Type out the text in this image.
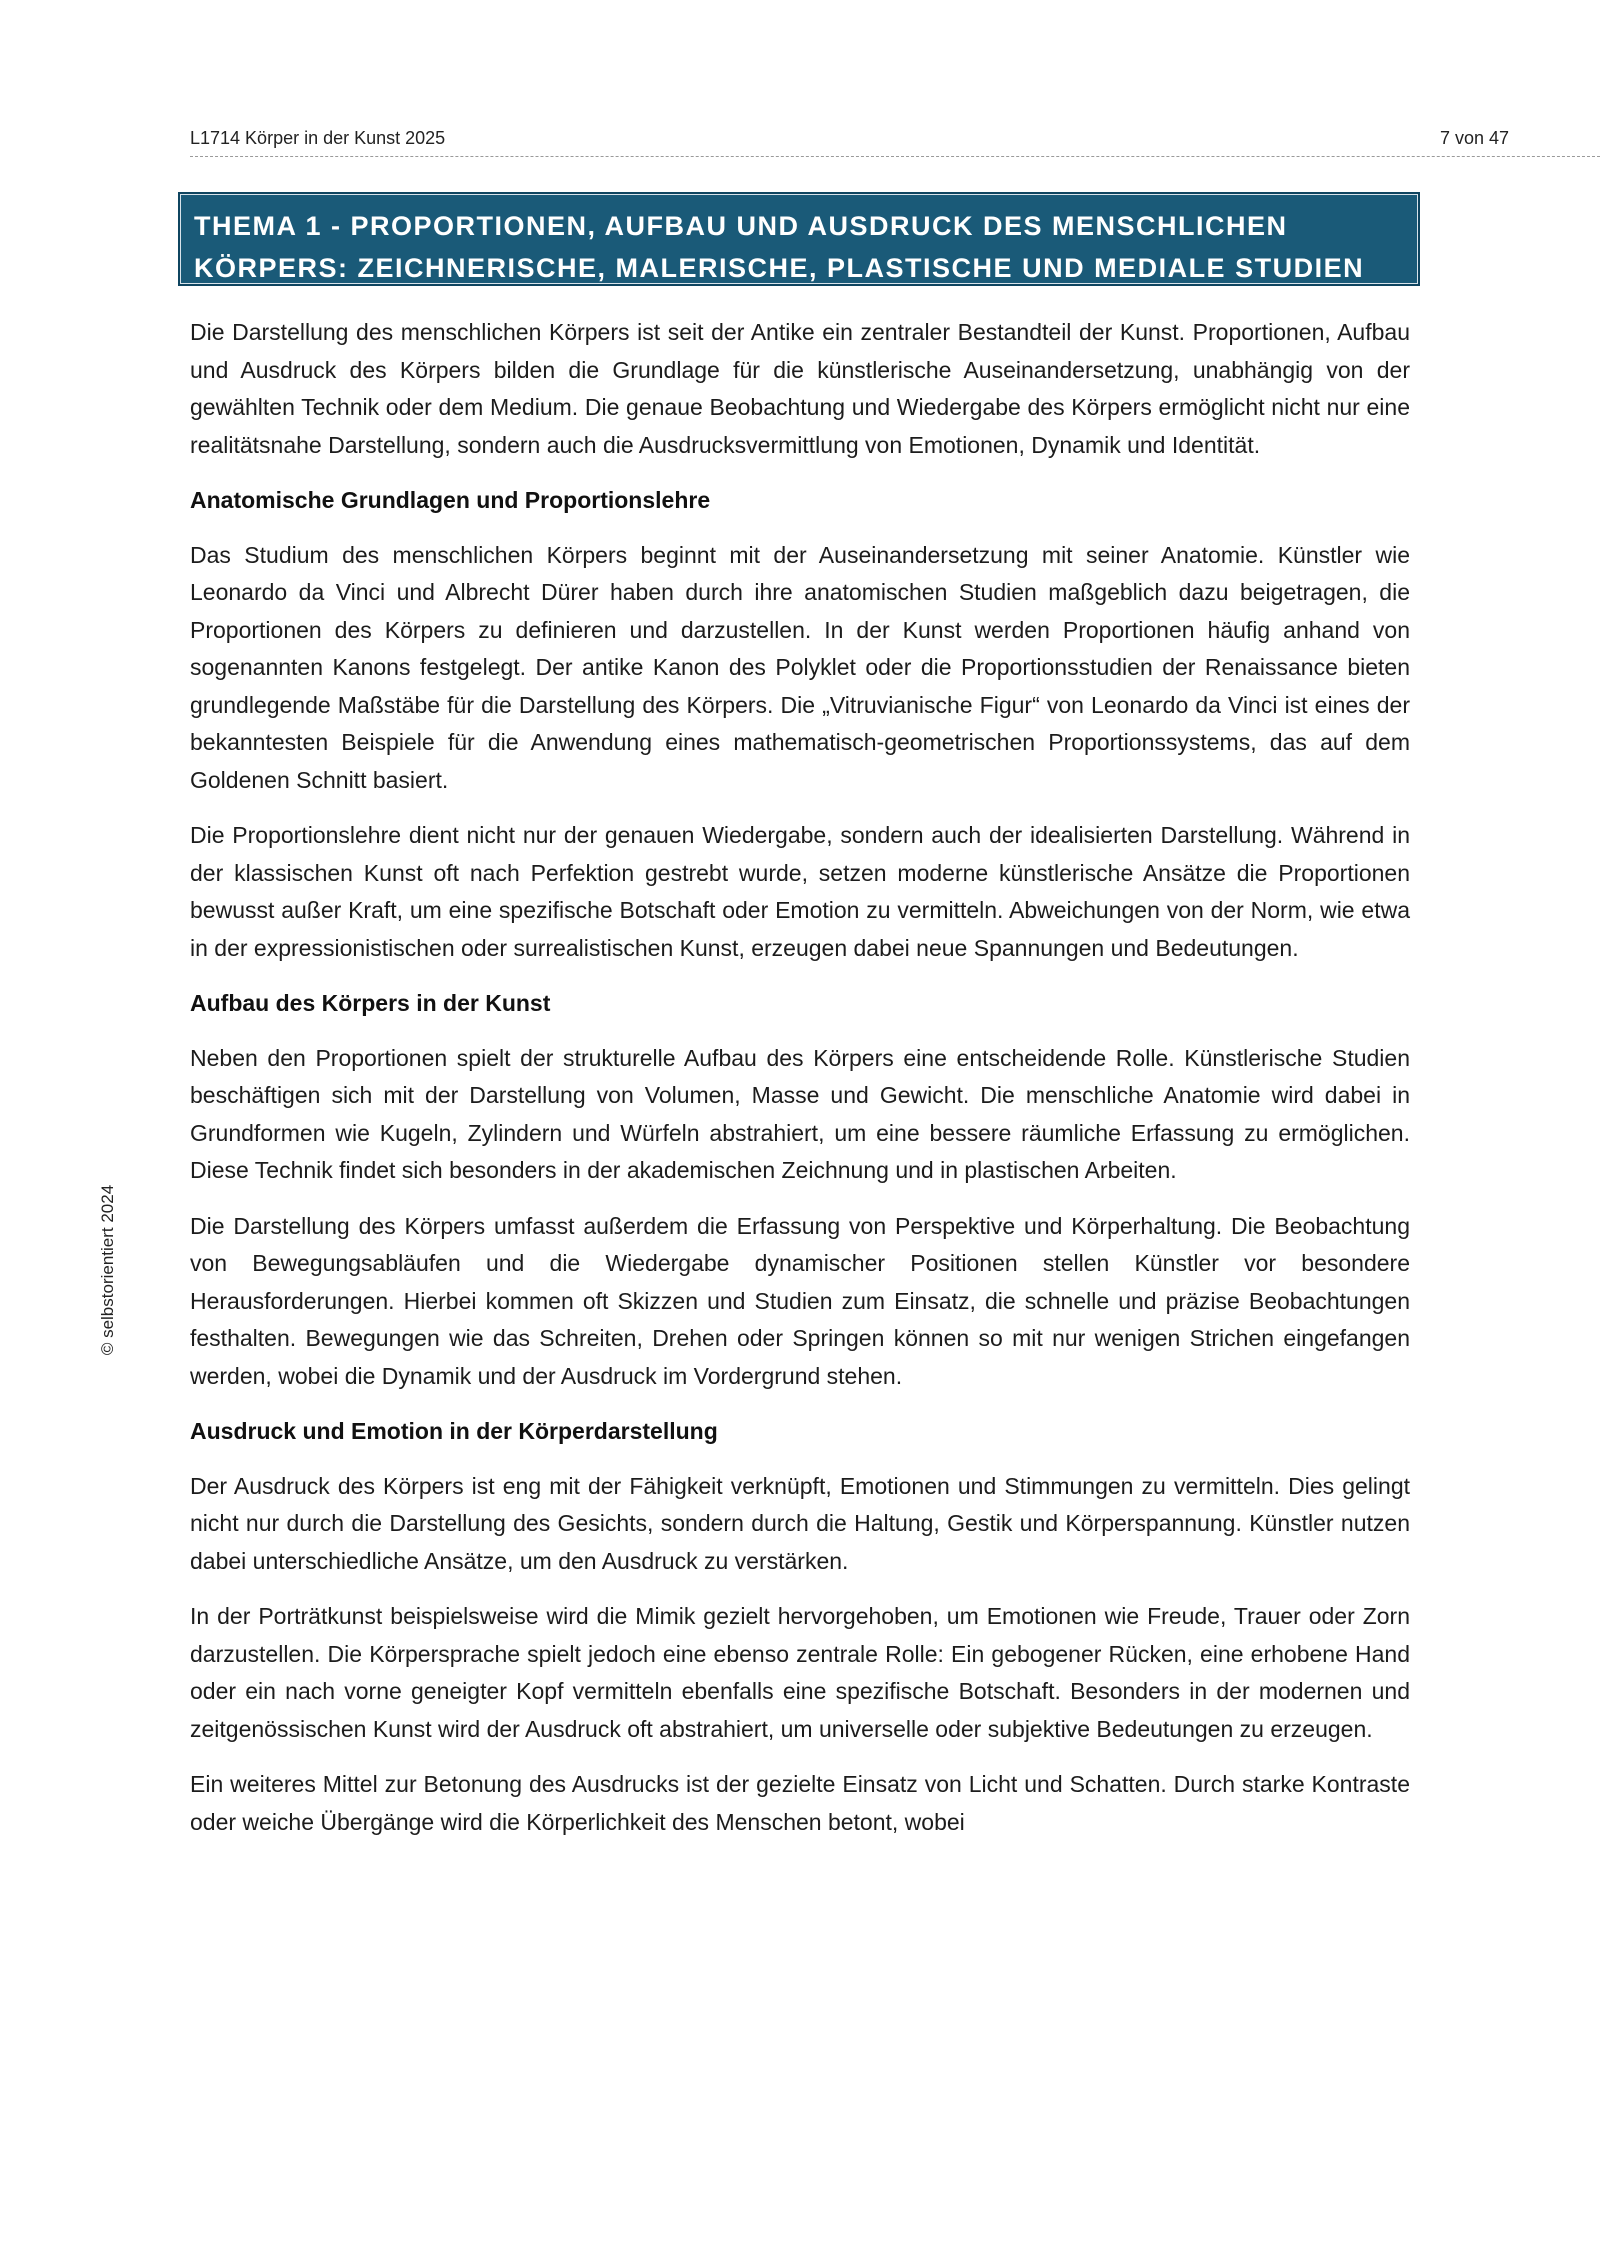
L1714 Körper in der Kunst 2025	7 von 47
© selbstorientiert 2024
THEMA 1 - PROPORTIONEN, AUFBAU UND AUSDRUCK DES MENSCHLICHEN
KÖRPERS: ZEICHNERISCHE, MALERISCHE, PLASTISCHE UND MEDIALE STUDIEN

Die Darstellung des menschlichen Körpers ist seit der Antike ein zentraler Bestandteil der Kunst. Proportionen, Aufbau und Ausdruck des Körpers bilden die Grundlage für die künstlerische Auseinandersetzung, unabhängig von der gewählten Technik oder dem Medium. Die genaue Beobachtung und Wiedergabe des Körpers ermöglicht nicht nur eine realitätsnahe Darstellung, sondern auch die Ausdrucksvermittlung von Emotionen, Dynamik und Identität.

Anatomische Grundlagen und Proportionslehre

Das Studium des menschlichen Körpers beginnt mit der Auseinandersetzung mit seiner Anatomie. Künstler wie Leonardo da Vinci und Albrecht Dürer haben durch ihre anatomischen Studien maßgeblich dazu beigetragen, die Proportionen des Körpers zu definieren und darzustellen. In der Kunst werden Proportionen häufig anhand von sogenannten Kanons festgelegt. Der antike Kanon des Polyklet oder die Proportionsstudien der Renaissance bieten grundlegende Maßstäbe für die Darstellung des Körpers. Die „Vitruvianische Figur“ von Leonardo da Vinci ist eines der bekanntesten Beispiele für die Anwendung eines mathematisch-geometrischen Proportionssystems, das auf dem Goldenen Schnitt basiert.

Die Proportionslehre dient nicht nur der genauen Wiedergabe, sondern auch der idealisierten Darstellung. Während in der klassischen Kunst oft nach Perfektion gestrebt wurde, setzen moderne künstlerische Ansätze die Proportionen bewusst außer Kraft, um eine spezifische Botschaft oder Emotion zu vermitteln. Abweichungen von der Norm, wie etwa in der expressionistischen oder surrealistischen Kunst, erzeugen dabei neue Spannungen und Bedeutungen.

Aufbau des Körpers in der Kunst

Neben den Proportionen spielt der strukturelle Aufbau des Körpers eine entscheidende Rolle. Künstlerische Studien beschäftigen sich mit der Darstellung von Volumen, Masse und Gewicht. Die menschliche Anatomie wird dabei in Grundformen wie Kugeln, Zylindern und Würfeln abstrahiert, um eine bessere räumliche Erfassung zu ermöglichen. Diese Technik findet sich besonders in der akademischen Zeichnung und in plastischen Arbeiten.

Die Darstellung des Körpers umfasst außerdem die Erfassung von Perspektive und Körperhaltung. Die Beobachtung von Bewegungsabläufen und die Wiedergabe dynamischer Positionen stellen Künstler vor besondere Herausforderungen. Hierbei kommen oft Skizzen und Studien zum Einsatz, die schnelle und präzise Beobachtungen festhalten. Bewegungen wie das Schreiten, Drehen oder Springen können so mit nur wenigen Strichen eingefangen werden, wobei die Dynamik und der Ausdruck im Vordergrund stehen.

Ausdruck und Emotion in der Körperdarstellung

Der Ausdruck des Körpers ist eng mit der Fähigkeit verknüpft, Emotionen und Stimmungen zu vermitteln. Dies gelingt nicht nur durch die Darstellung des Gesichts, sondern durch die Haltung, Gestik und Körperspannung. Künstler nutzen dabei unterschiedliche Ansätze, um den Ausdruck zu verstärken.

In der Porträtkunst beispielsweise wird die Mimik gezielt hervorgehoben, um Emotionen wie Freude, Trauer oder Zorn darzustellen. Die Körpersprache spielt jedoch eine ebenso zentrale Rolle: Ein gebogener Rücken, eine erhobene Hand oder ein nach vorne geneigter Kopf vermitteln ebenfalls eine spezifische Botschaft. Besonders in der modernen und zeitgenössischen Kunst wird der Ausdruck oft abstrahiert, um universelle oder subjektive Bedeutungen zu erzeugen.

Ein weiteres Mittel zur Betonung des Ausdrucks ist der gezielte Einsatz von Licht und Schatten. Durch starke Kontraste oder weiche Übergänge wird die Körperlichkeit des Menschen betont, wobei
